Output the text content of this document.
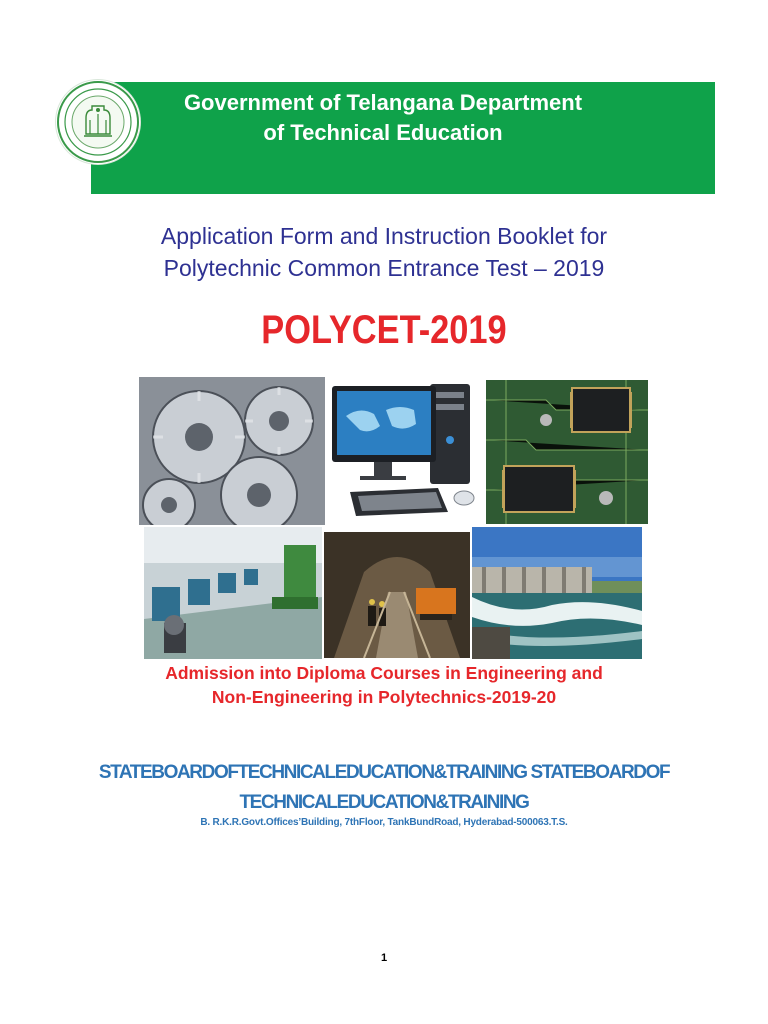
Government of Telangana Department
of Technical Education
Application Form and Instruction Booklet for
Polytechnic Common Entrance Test – 2019
POLYCET-2019
Admission into Diploma Courses in Engineering and
Non-Engineering in Polytechnics-2019-20
STATEBOARDOFTECHNICALEDUCATION&TRAINING STATEBOARDOF
TECHNICALEDUCATION&TRAINING
B. R.K.R.Govt.Offices’Building, 7thFloor, TankBundRoad, Hyderabad-500063.T.S.
1
